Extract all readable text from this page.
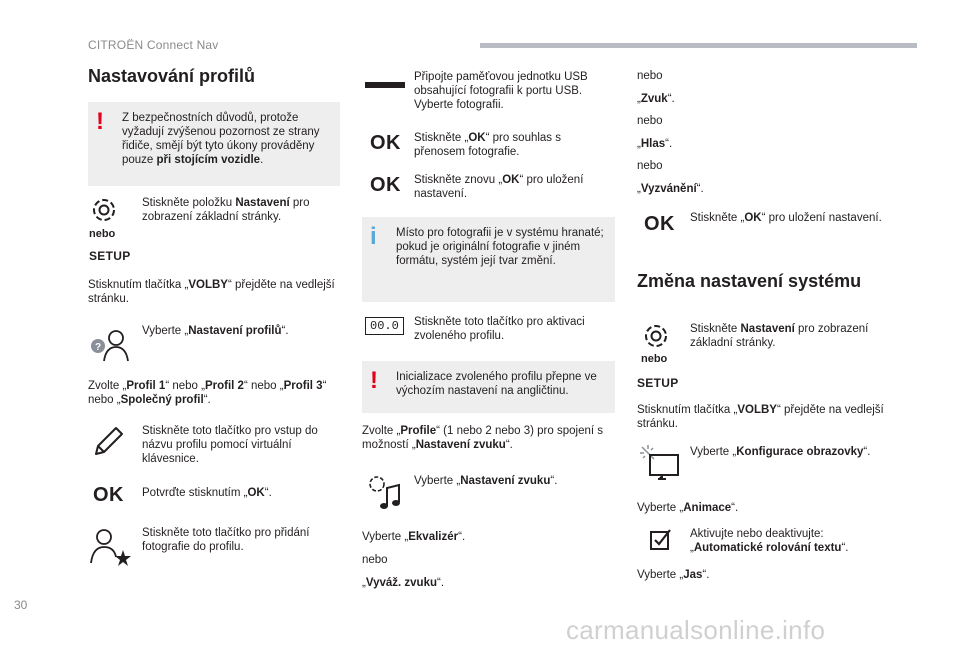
CITROËN Connect Nav
Nastavování profilů
! Z bezpečnostních důvodů, protože vyžadují zvýšenou pozornost ze strany řidiče, smějí být tyto úkony prováděny pouze při stojícím vozidle.
nebo
SETUP
Stiskněte položku Nastavení pro zobrazení základní stránky.
Stisknutím tlačítka „VOLBY“ přejděte na vedlejší stránku.
?
Vyberte „Nastavení profilů“.
Zvolte „Profil 1“ nebo „Profil 2“ nebo „Profil 3“ nebo „Společný profil“.
Stiskněte toto tlačítko pro vstup do názvu profilu pomocí virtuální klávesnice.
OK Potvrďte stisknutím „OK“.
Stiskněte toto tlačítko pro přidání fotografie do profilu.
Připojte paměťovou jednotku USB obsahující fotografii k portu USB. Vyberte fotografii.
OK Stiskněte „OK“ pro souhlas s přenosem fotografie.
OK Stiskněte znovu „OK“ pro uložení nastavení.
i Místo pro fotografii je v systému hranaté; pokud je originální fotografie v jiném formátu, systém její tvar změní.
00.0	Stiskněte toto tlačítko pro aktivaci zvoleného profilu.
! Inicializace zvoleného profilu přepne ve výchozím nastavení na angličtinu.
Zvolte „Profile“ (1 nebo 2 nebo 3) pro spojení s možností „Nastavení zvuku“.
Vyberte „Nastavení zvuku“.
Vyberte „Ekvalizér“.
nebo
„Vyváž. zvuku“.
nebo
„Zvuk“.
nebo
„Hlas“.
nebo
„Vyzvánění“.
OK Stiskněte „OK“ pro uložení nastavení.
Změna nastavení systému
nebo
SETUP
Stiskněte Nastavení pro zobrazení základní stránky.
Stisknutím tlačítka „VOLBY“ přejděte na vedlejší stránku.
Vyberte „Konfigurace obrazovky“.
Vyberte „Animace“.
Aktivujte nebo deaktivujte: „Automatické rolování textu“.
Vyberte „Jas“.
30
carmanualsonline.info
